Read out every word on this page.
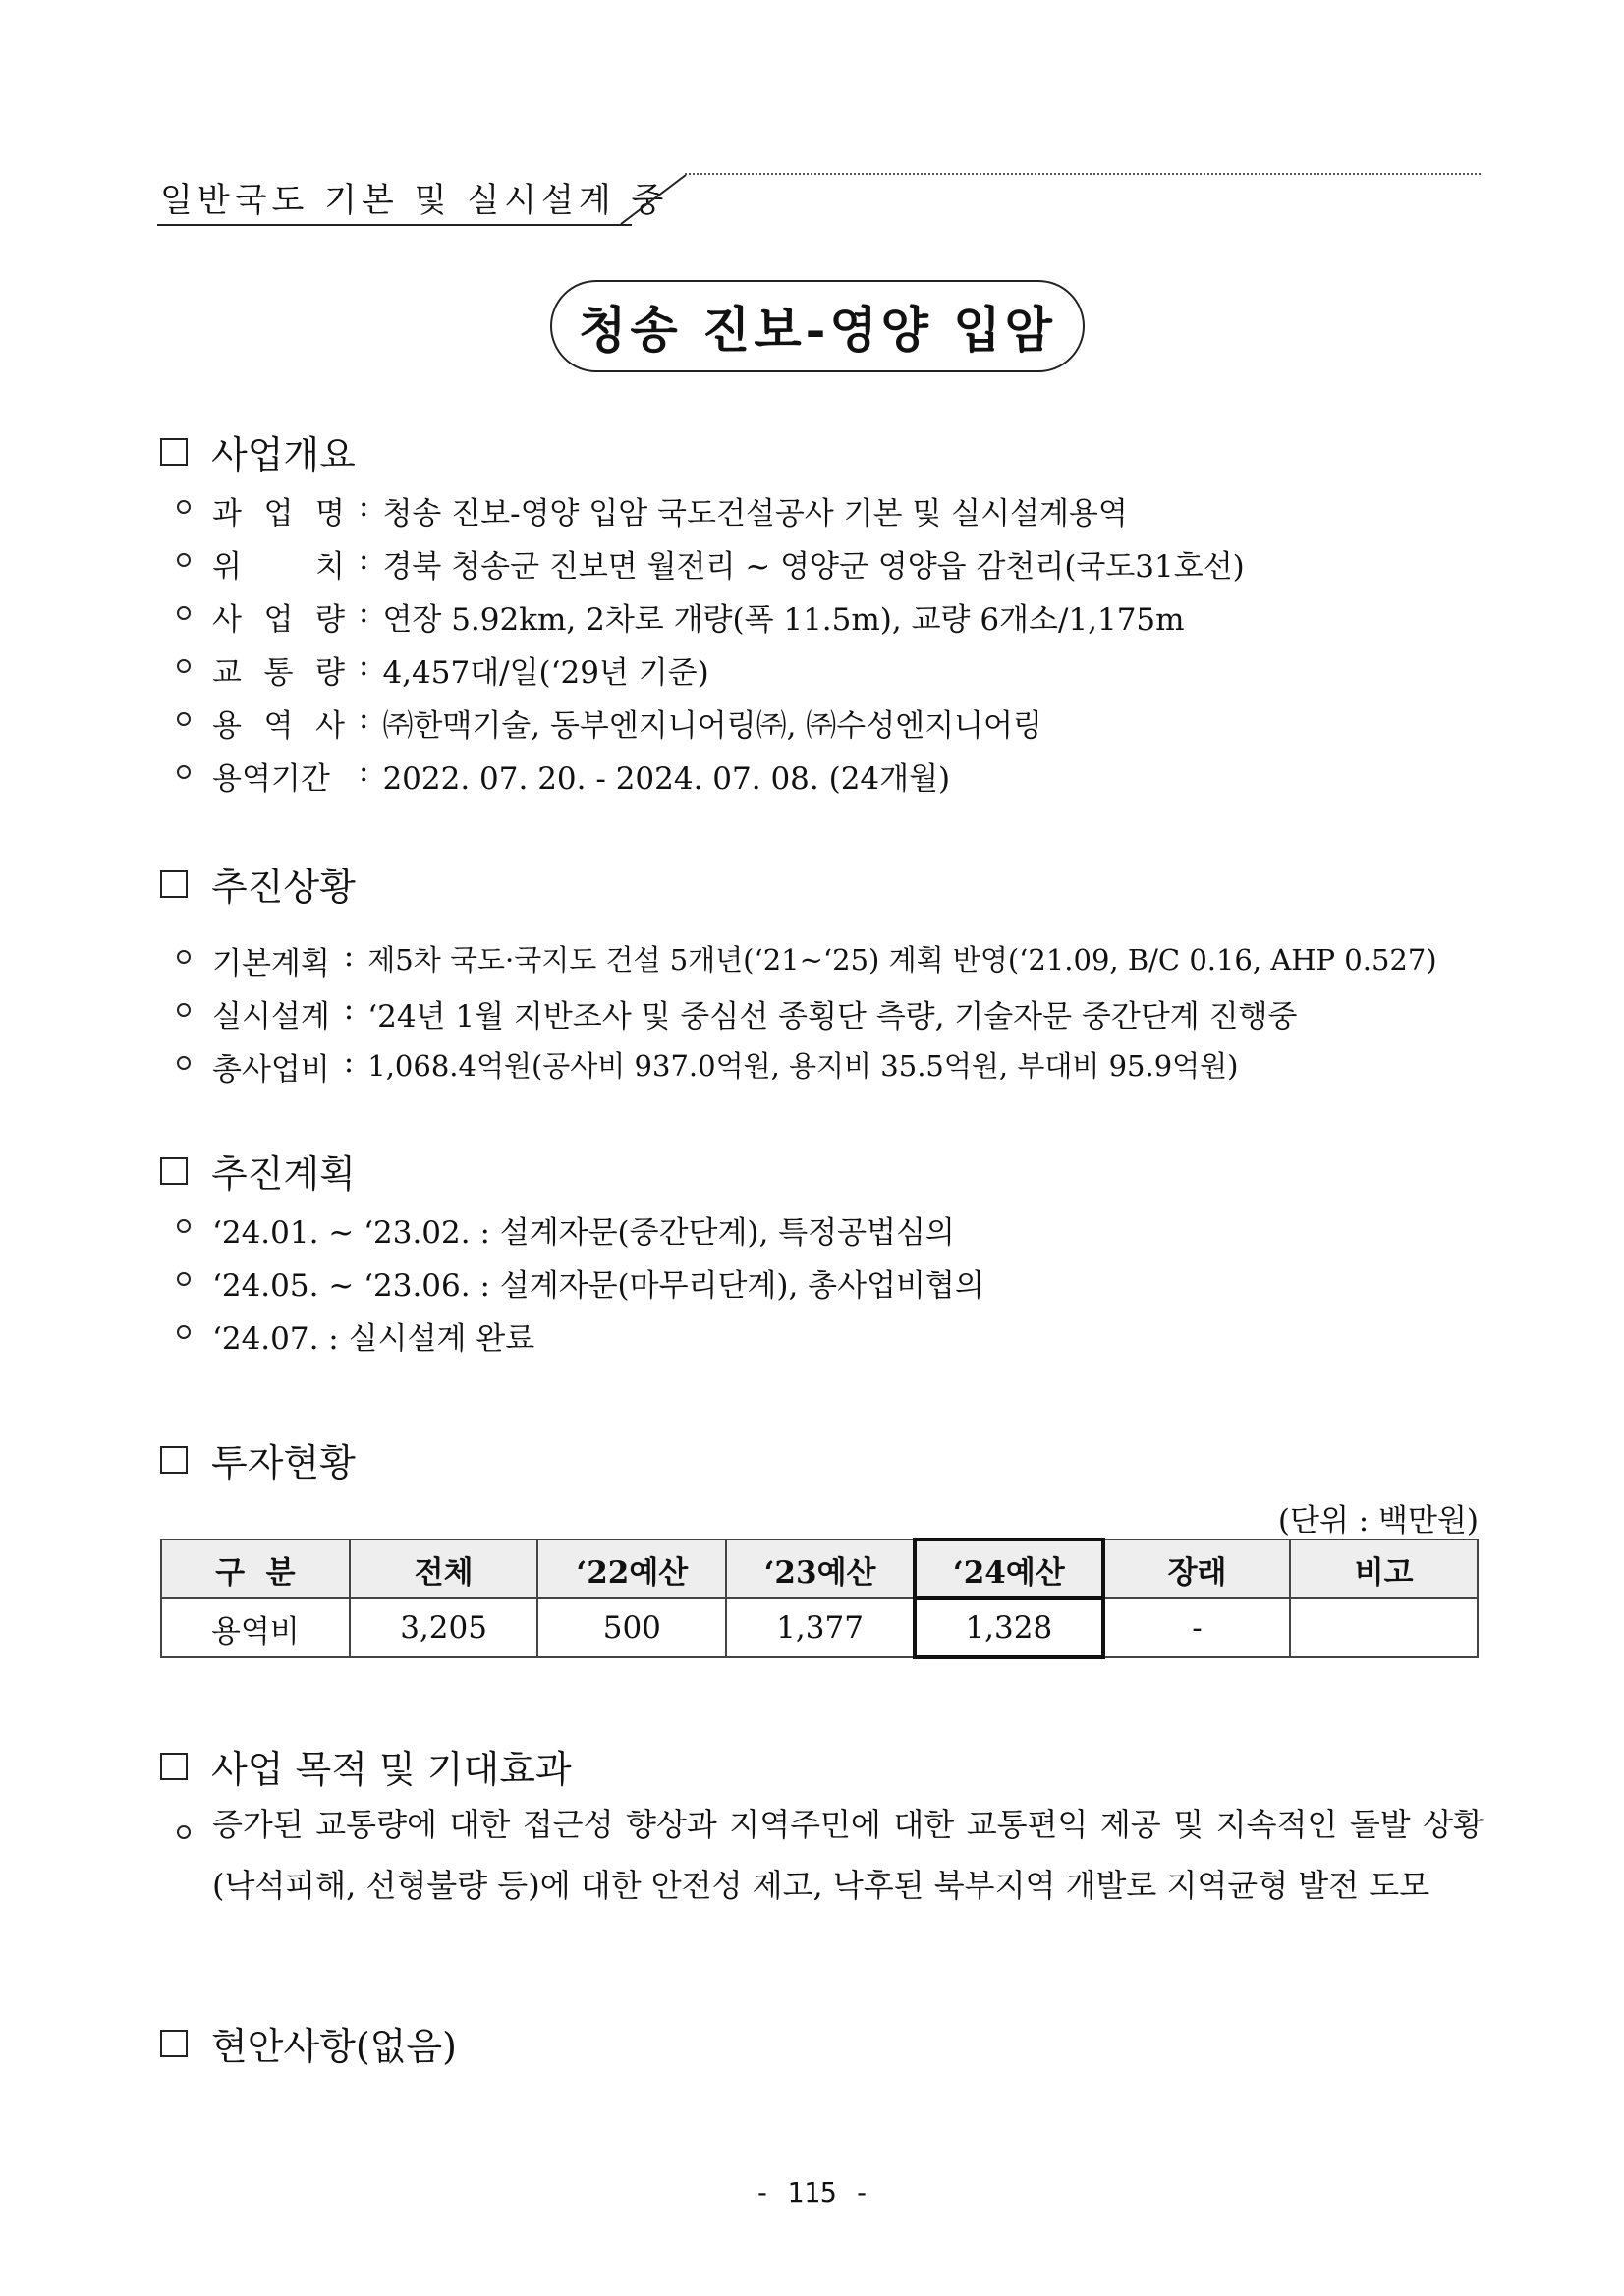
일반국도 기본 및 실시설계 중
청송 진보-영양 입암
사업개요
과 업 명 : 청송 진보-영양 입암 국도건설공사 기본 및 실시설계용역
위 치 : 경북 청송군 진보면 월전리 ~ 영양군 영양읍 감천리(국도31호선)
사 업 량 : 연장 5.92km, 2차로 개량(폭 11.5m), 교량 6개소/1,175m
교 통 량 : 4,457대/일(‘29년 기준)
용 역 사 : ㈜한맥기술, 동부엔지니어링㈜, ㈜수성엔지니어링
용역기간 : 2022. 07. 20. - 2024. 07. 08. (24개월)
추진상황
기본계획 : 제5차 국도·국지도 건설 5개년(‘21~‘25) 계획 반영(‘21.09, B/C 0.16, AHP 0.527)
실시설계 : ‘24년 1월 지반조사 및 중심선 종횡단 측량, 기술자문 중간단계 진행중
총사업비 : 1,068.4억원(공사비 937.0억원, 용지비 35.5억원, 부대비 95.9억원)
추진계획
‘24.01. ~ ‘23.02. : 설계자문(중간단계), 특정공법심의
‘24.05. ~ ‘23.06. : 설계자문(마무리단계), 총사업비협의
‘24.07. : 실시설계 완료
투자현황
(단위 : 백만원)
구  분	전체	‘22예산	‘23예산	‘24예산	장래	비고
용역비	3,205	500	1,377	1,328	-	
사업 목적 및 기대효과
증가된 교통량에 대한 접근성 향상과 지역주민에 대한 교통편익 제공 및 지속적인 돌발 상황(낙석피해, 선형불량 등)에 대한 안전성 제고, 낙후된 북부지역 개발로 지역균형 발전 도모
현안사항(없음)
- 115 -
